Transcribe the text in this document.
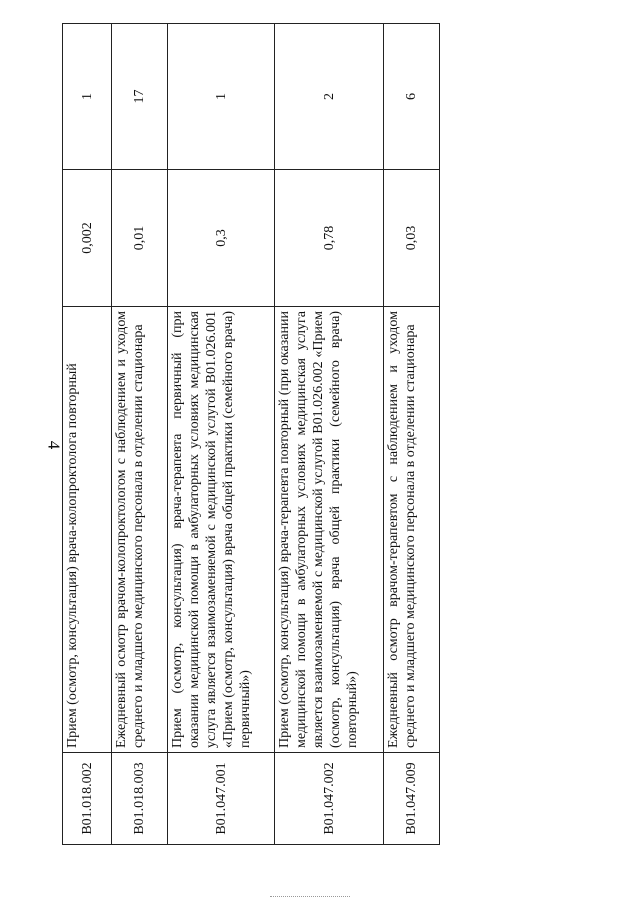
4
B01.018.002	Прием (осмотр, консультация) врача-колопроктолога повторный	0,002	1
B01.018.003	Ежедневный осмотр врачом-колопроктологом с наблюдением и уходом среднего и младшего медицинского персонала в отделении стационара	0,01	17
B01.047.001	Прием (осмотр, консультация) врача-терапевта первичный (при оказании медицинской помощи в амбулаторных условиях медицинская услуга является взаимозаменяемой с медицинской услугой B01.026.001 «Прием (осмотр, консультация) врача общей практики (семейного врача) первичный»)	0,3	1
B01.047.002	Прием (осмотр, консультация) врача-терапевта повторный (при оказании медицинской помощи в амбулаторных условиях медицинская услуга является взаимозаменяемой с медицинской услугой B01.026.002 «Прием (осмотр, консультация) врача общей практики (семейного врача) повторный»)	0,78	2
B01.047.009	Ежедневный осмотр врачом-терапевтом с наблюдением и уходом среднего и младшего медицинского персонала в отделении стационара	0,03	6
